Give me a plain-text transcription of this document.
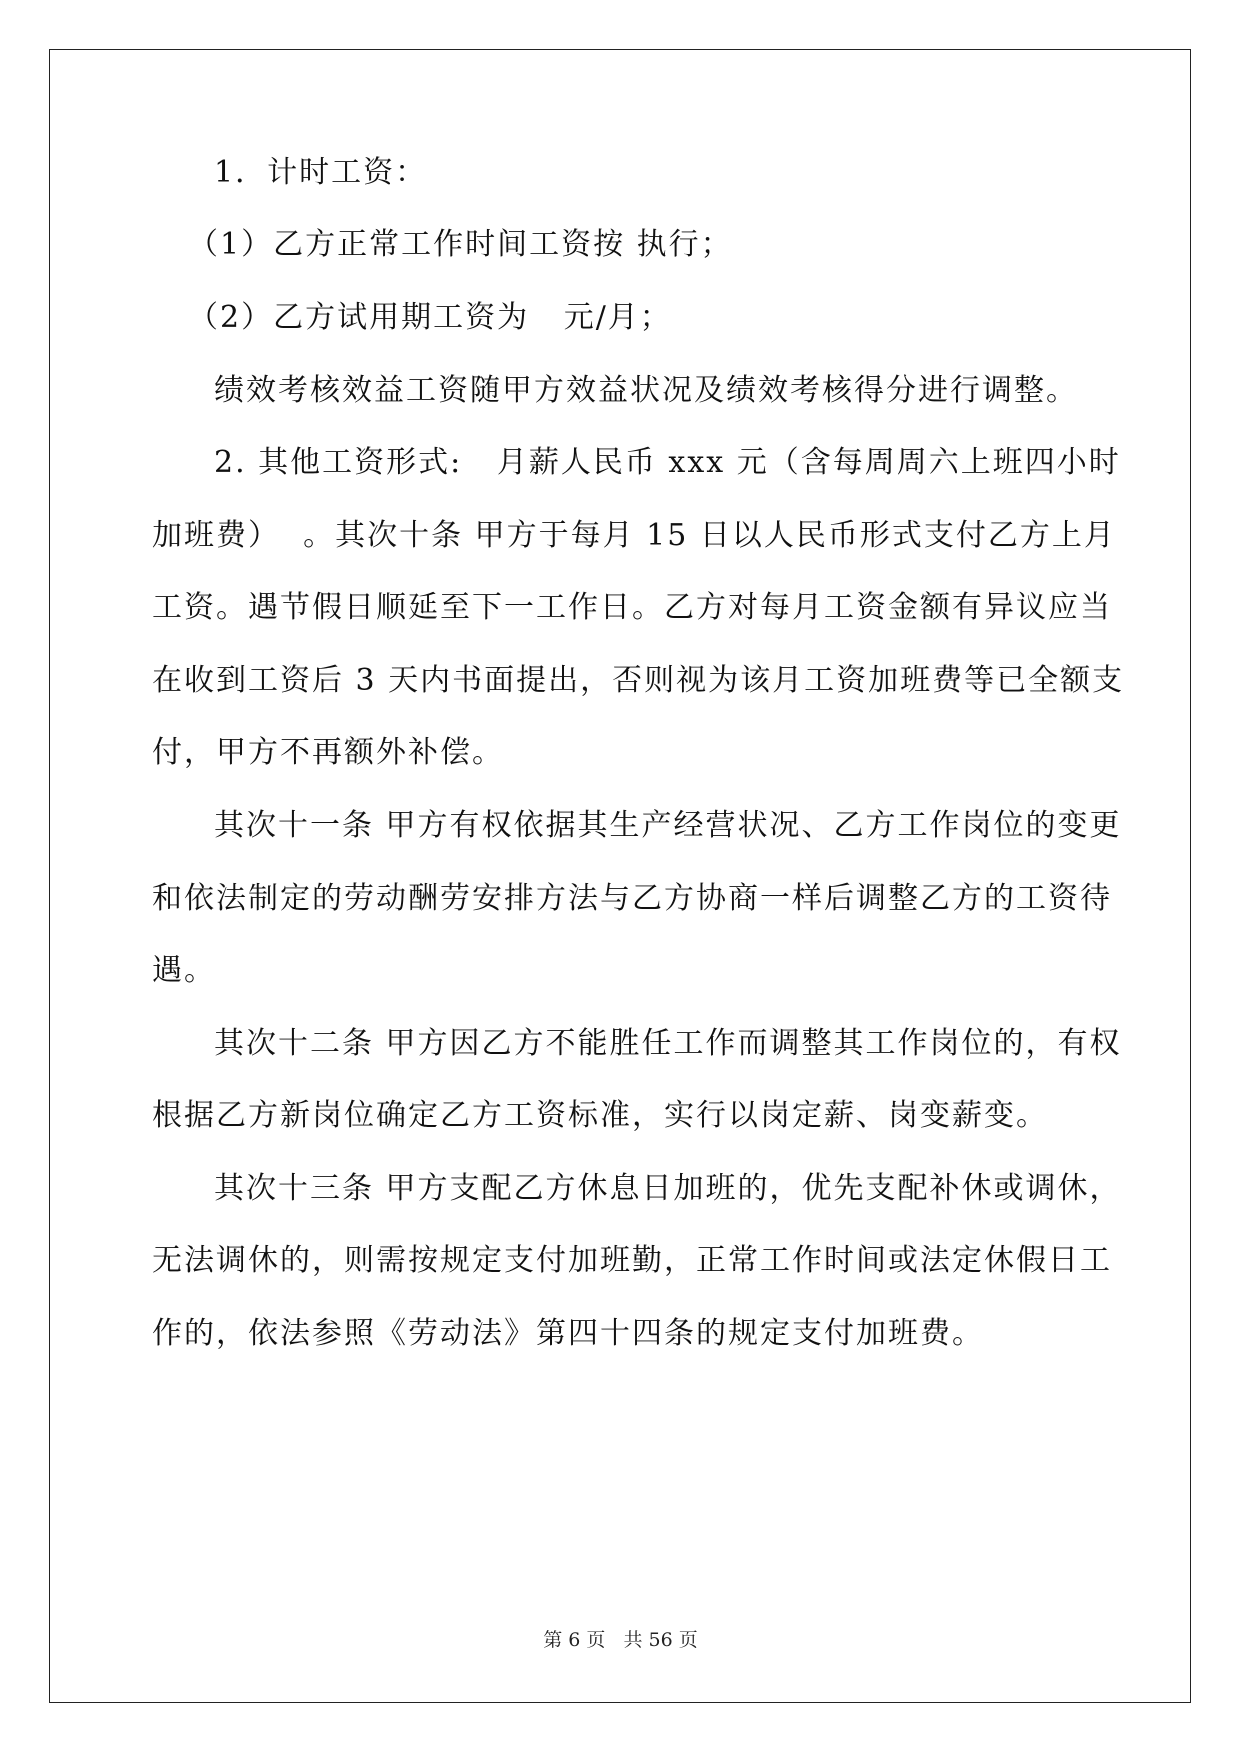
1．计时工资：
（1）乙方正常工作时间工资按 执行；
（2）乙方试用期工资为   元/月；
绩效考核效益工资随甲方效益状况及绩效考核得分进行调整。
2. 其他工资形式:   月薪人民币 xxx 元（含每周周六上班四小时
加班费）  。其次十条 甲方于每月 15 日以人民币形式支付乙方上月
工资。遇节假日顺延至下一工作日。乙方对每月工资金额有异议应当
在收到工资后 3 天内书面提出，否则视为该月工资加班费等已全额支
付，甲方不再额外补偿。
其次十一条 甲方有权依据其生产经营状况、乙方工作岗位的变更
和依法制定的劳动酬劳安排方法与乙方协商一样后调整乙方的工资待
遇。
其次十二条 甲方因乙方不能胜任工作而调整其工作岗位的，有权
根据乙方新岗位确定乙方工资标准，实行以岗定薪、岗变薪变。
其次十三条 甲方支配乙方休息日加班的，优先支配补休或调休，
无法调休的，则需按规定支付加班勤，正常工作时间或法定休假日工
作的，依法参照《劳动法》第四十四条的规定支付加班费。
第 6 页   共 56 页
